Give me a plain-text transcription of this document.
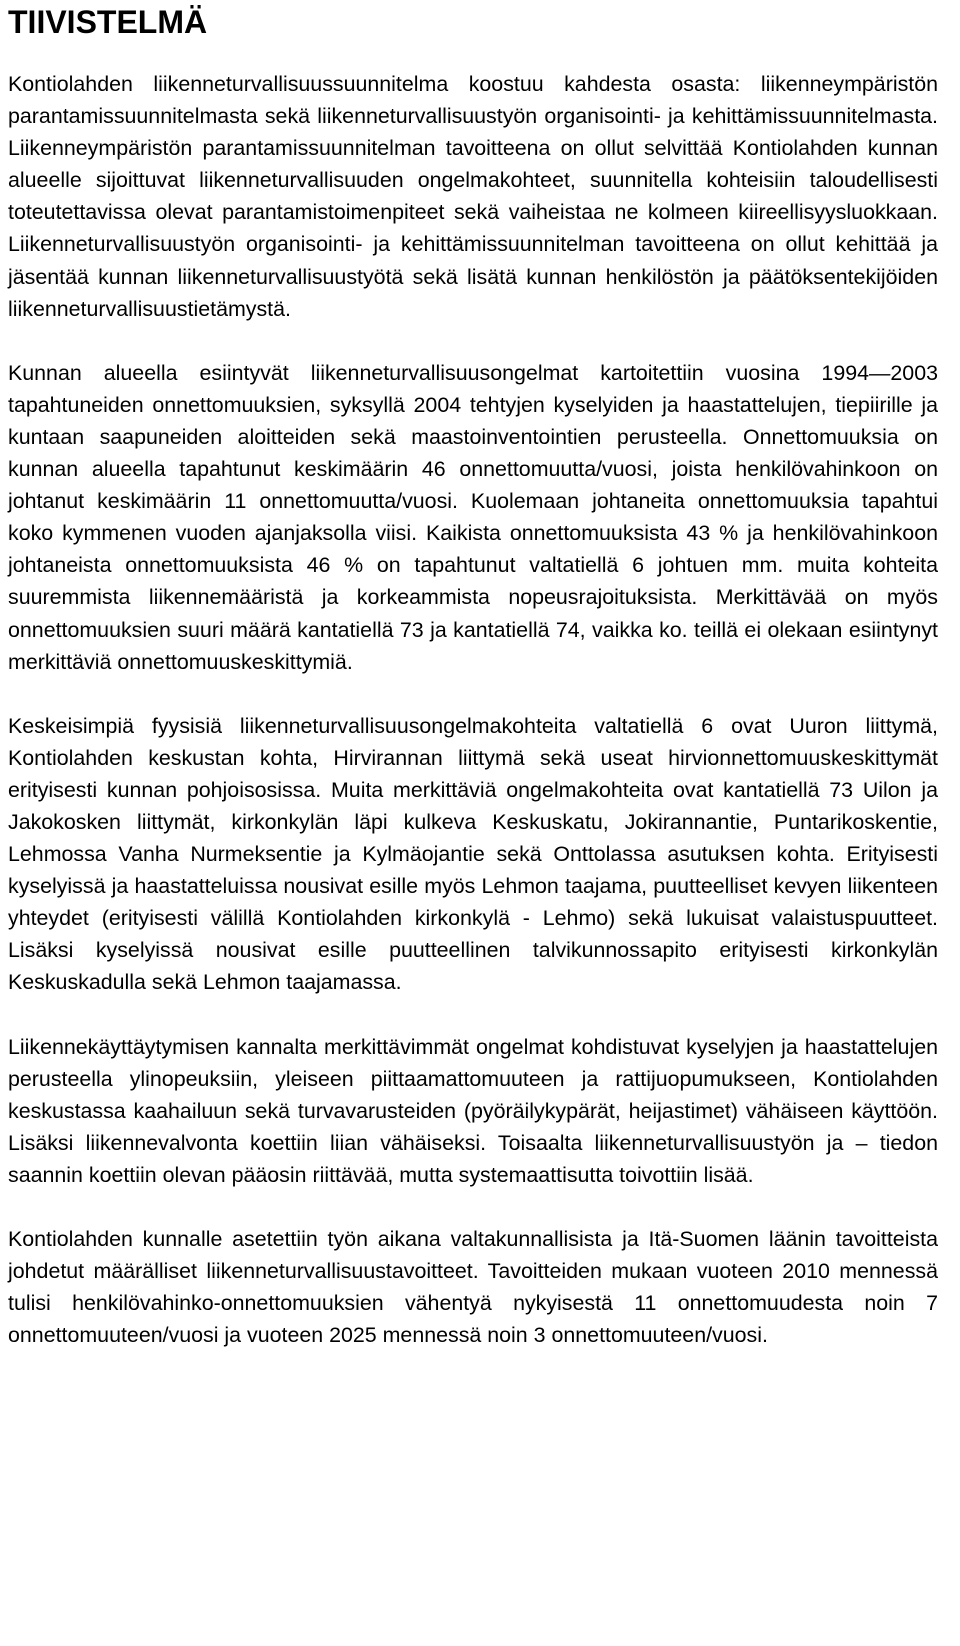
TIIVISTELMÄ

Kontiolahden liikenneturvallisuussuunnitelma koostuu kahdesta osasta: liikenneympäristön parantamissuunnitelmasta sekä liikenneturvallisuustyön organisointi- ja kehittämissuunnitelmasta. Liikenneympäristön parantamissuunnitelman tavoitteena on ollut selvittää Kontiolahden kunnan alueelle sijoittuvat liikenneturvallisuuden ongelmakohteet, suunnitella kohteisiin taloudellisesti toteutettavissa olevat parantamistoimenpiteet sekä vaiheistaa ne kolmeen kiireellisyysluokkaan. Liikenneturvallisuustyön organisointi- ja kehittämissuunnitelman tavoitteena on ollut kehittää ja jäsentää kunnan liikenneturvallisuustyötä sekä lisätä kunnan henkilöstön ja päätöksentekijöiden liikenneturvallisuustietämystä.

Kunnan alueella esiintyvät liikenneturvallisuusongelmat kartoitettiin vuosina 1994—2003 tapahtuneiden onnettomuuksien, syksyllä 2004 tehtyjen kyselyiden ja haastattelujen, tiepiirille ja kuntaan saapuneiden aloitteiden sekä maastoinventointien perusteella. Onnettomuuksia on kunnan alueella tapahtunut keskimäärin 46 onnettomuutta/vuosi, joista henkilövahinkoon on johtanut keskimäärin 11 onnettomuutta/vuosi. Kuolemaan johtaneita onnettomuuksia tapahtui koko kymmenen vuoden ajanjaksolla viisi. Kaikista onnettomuuksista 43 % ja henkilövahinkoon johtaneista onnettomuuksista 46 % on tapahtunut valtatiellä 6 johtuen mm. muita kohteita suuremmista liikennemääristä ja korkeammista nopeusrajoituksista. Merkittävää on myös onnettomuuksien suuri määrä kantatiellä 73 ja kantatiellä 74, vaikka ko. teillä ei olekaan esiintynyt merkittäviä onnettomuuskeskittymiä.

Keskeisimpiä fyysisiä liikenneturvallisuusongelmakohteita valtatiellä 6 ovat Uuron liittymä, Kontiolahden keskustan kohta, Hirvirannan liittymä sekä useat hirvionnettomuuskeskittymät erityisesti kunnan pohjoisosissa. Muita merkittäviä ongelmakohteita ovat kantatiellä 73 Uilon ja Jakokosken liittymät, kirkonkylän läpi kulkeva Keskuskatu, Jokirannantie, Puntarikoskentie, Lehmossa Vanha Nurmeksentie ja Kylmäojantie sekä Onttolassa asutuksen kohta. Erityisesti kyselyissä ja haastatteluissa nousivat esille myös Lehmon taajama, puutteelliset kevyen liikenteen yhteydet (erityisesti välillä Kontiolahden kirkonkylä - Lehmo) sekä lukuisat valaistuspuutteet. Lisäksi kyselyissä nousivat esille puutteellinen talvikunnossapito erityisesti kirkonkylän Keskuskadulla sekä Lehmon taajamassa.

Liikennekäyttäytymisen kannalta merkittävimmät ongelmat kohdistuvat kyselyjen ja haastattelujen perusteella ylinopeuksiin, yleiseen piittaamattomuuteen ja rattijuopumukseen, Kontiolahden keskustassa kaahailuun sekä turvavarusteiden (pyöräilykypärät, heijastimet) vähäiseen käyttöön. Lisäksi liikennevalvonta koettiin liian vähäiseksi. Toisaalta liikenneturvallisuustyön ja – tiedon saannin koettiin olevan pääosin riittävää, mutta systemaattisutta toivottiin lisää.

Kontiolahden kunnalle asetettiin työn aikana valtakunnallisista ja Itä-Suomen läänin tavoitteista johdetut määrälliset liikenneturvallisuustavoitteet. Tavoitteiden mukaan vuoteen 2010 mennessä tulisi henkilövahinko-onnettomuuksien vähentyä nykyisestä 11 onnettomuudesta noin 7 onnettomuuteen/vuosi ja vuoteen 2025 mennessä noin 3 onnettomuuteen/vuosi.
